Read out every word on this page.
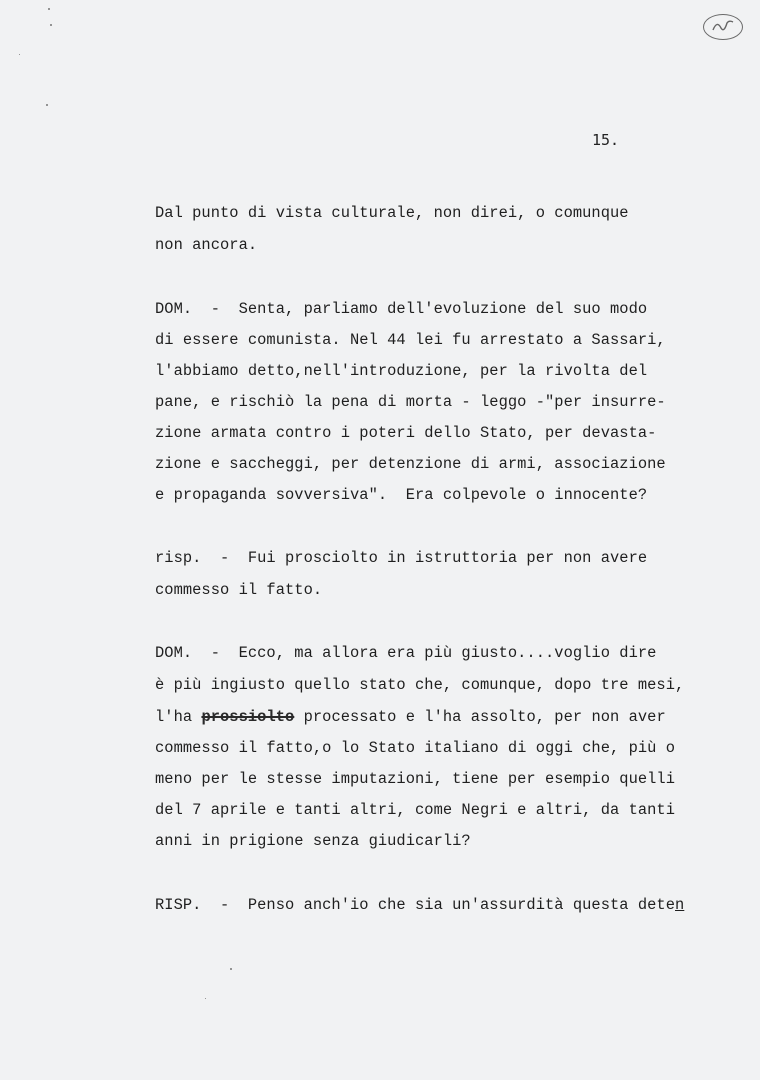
15.
Dal punto di vista culturale, non direi, o comunque
non ancora.
DOM.  -  Senta, parliamo dell'evoluzione del suo modo
di essere comunista. Nel 44 lei fu arrestato a Sassari,
l'abbiamo detto,nell'introduzione, per la rivolta del
pane, e rischiò la pena di morta - leggo -"per insurre-
zione armata contro i poteri dello Stato, per devasta-
zione e saccheggi, per detenzione di armi, associazione
e propaganda sovversiva".  Era colpevole o innocente?
risp.  -  Fui prosciolto in istruttoria per non avere
commesso il fatto.
DOM.  -  Ecco, ma allora era più giusto....voglio dire
è più ingiusto quello stato che, comunque, dopo tre mesi,
l'ha prossiolto processato e l'ha assolto, per non aver
commesso il fatto,o lo Stato italiano di oggi che, più o
meno per le stesse imputazioni, tiene per esempio quelli
del 7 aprile e tanti altri, come Negri e altri, da tanti
anni in prigione senza giudicarli?
RISP.  -  Penso anch'io che sia un'assurdità questa deten
